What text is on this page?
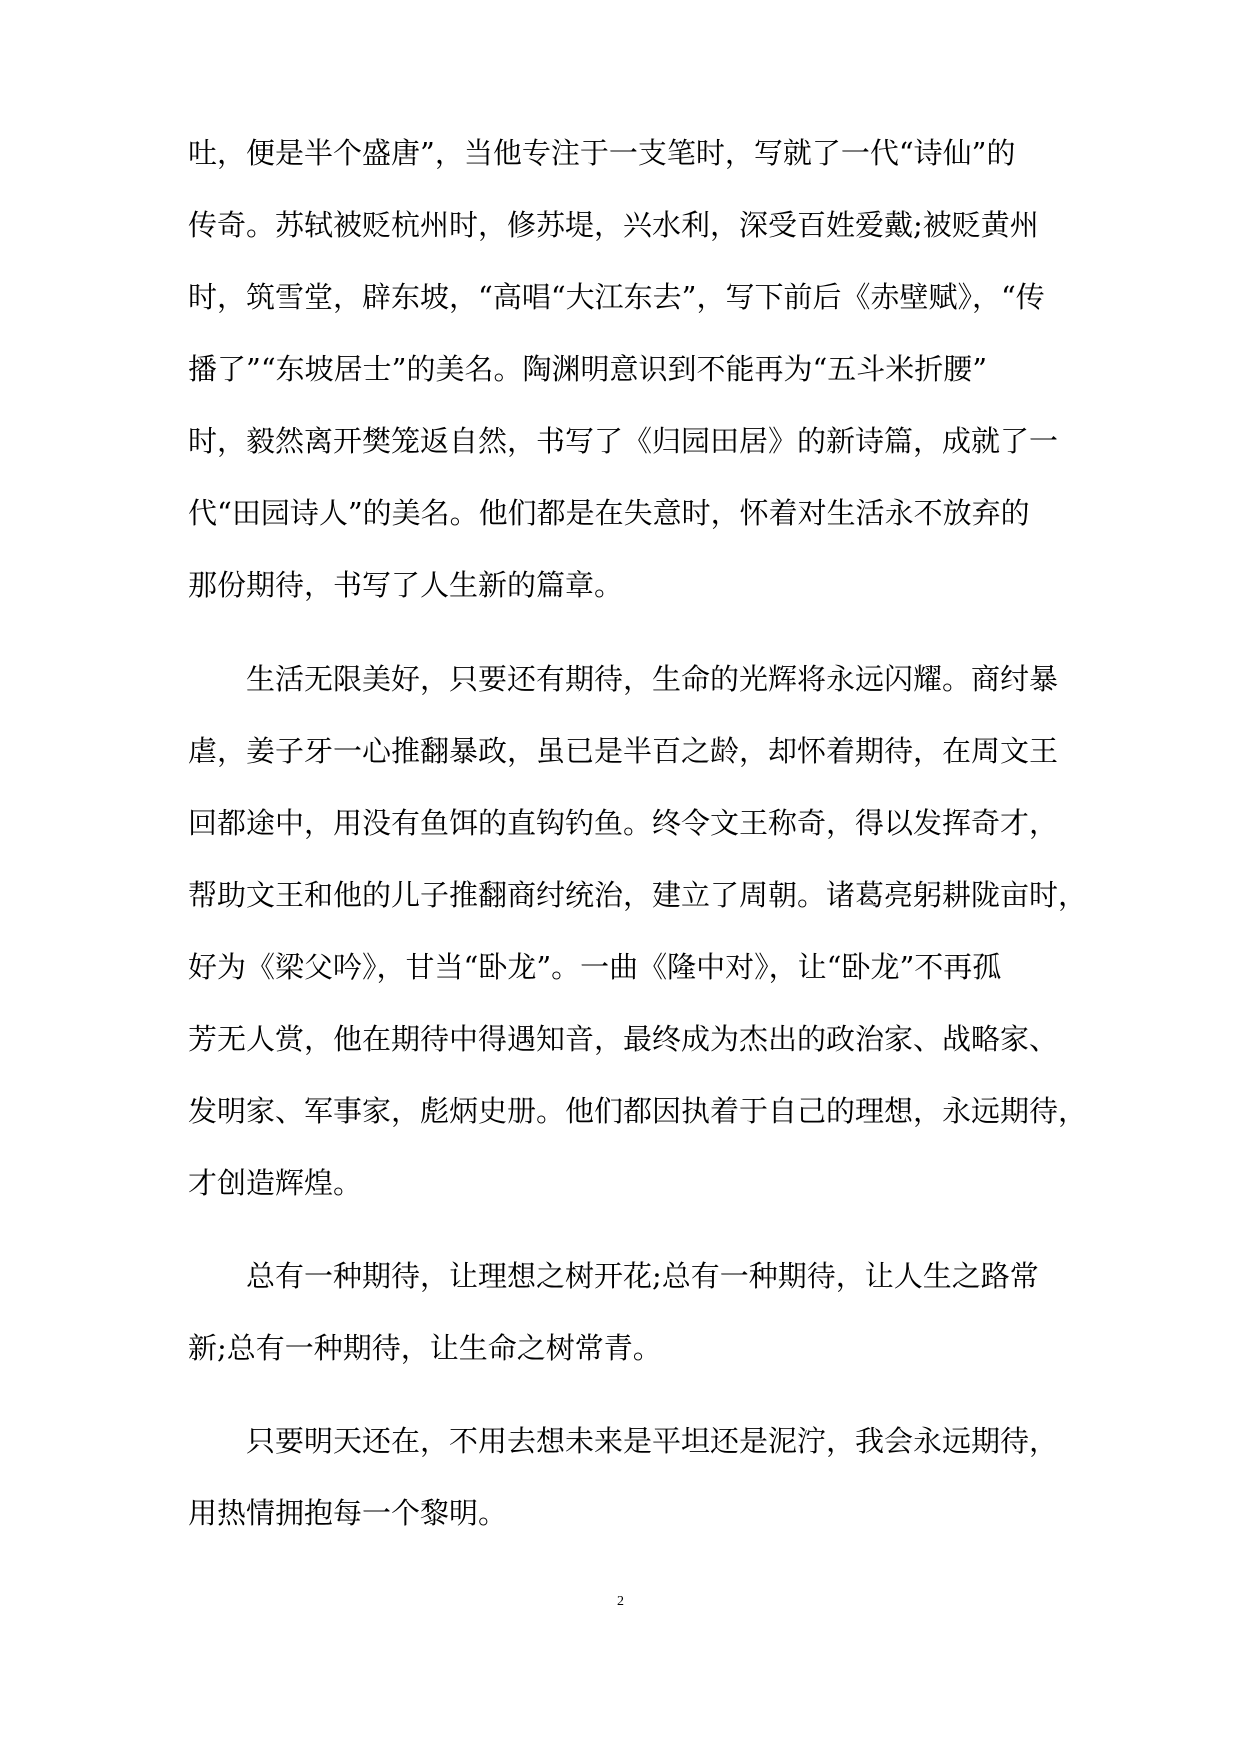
吐，便是半个盛唐”，当他专注于一支笔时，写就了一代“诗仙”的
传奇。苏轼被贬杭州时，修苏堤，兴水利，深受百姓爱戴;被贬黄州
时，筑雪堂，辟东坡，“高唱“大江东去”，写下前后《赤壁赋》，“传
播了”“东坡居士”的美名。陶渊明意识到不能再为“五斗米折腰”
时，毅然离开樊笼返自然，书写了《归园田居》的新诗篇，成就了一
代“田园诗人”的美名。他们都是在失意时，怀着对生活永不放弃的
那份期待，书写了人生新的篇章。
　　生活无限美好，只要还有期待，生命的光辉将永远闪耀。商纣暴
虐，姜子牙一心推翻暴政，虽已是半百之龄，却怀着期待，在周文王
回都途中，用没有鱼饵的直钩钓鱼。终令文王称奇，得以发挥奇才，
帮助文王和他的儿子推翻商纣统治，建立了周朝。诸葛亮躬耕陇亩时，
好为《梁父吟》，甘当“卧龙”。一曲《隆中对》，让“卧龙”不再孤
芳无人赏，他在期待中得遇知音，最终成为杰出的政治家、战略家、
发明家、军事家，彪炳史册。他们都因执着于自己的理想，永远期待，
才创造辉煌。
　　总有一种期待，让理想之树开花;总有一种期待，让人生之路常
新;总有一种期待，让生命之树常青。
　　只要明天还在，不用去想未来是平坦还是泥泞，我会永远期待，
用热情拥抱每一个黎明。
2
